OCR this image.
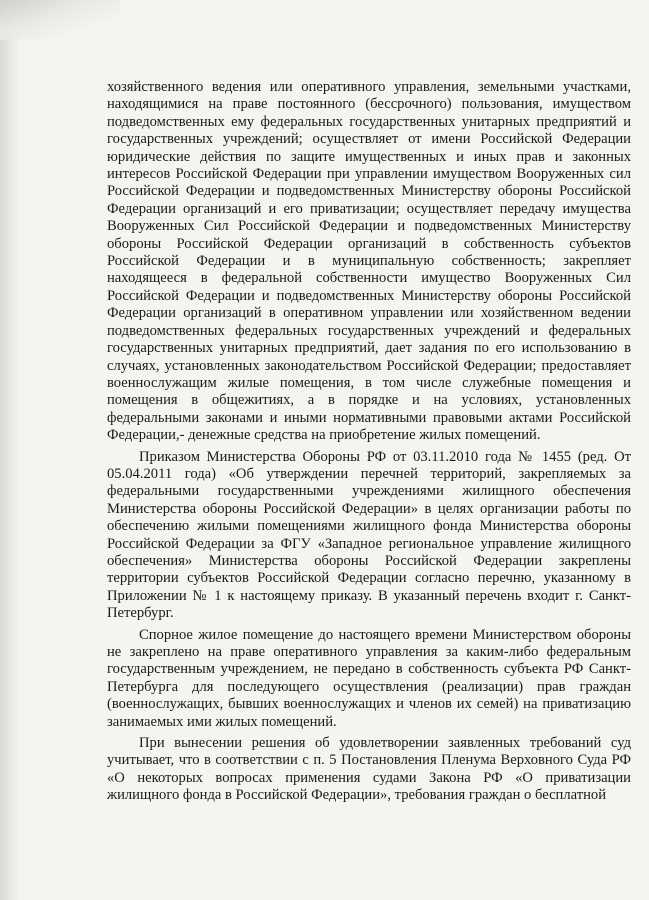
хозяйственного ведения или оперативного управления, земельными участками, находящимися на праве постоянного (бессрочного) пользования, имуществом подведомственных ему федеральных государственных унитарных предприятий и государственных учреждений; осуществляет от имени Российской Федерации юридические действия по защите имущественных и иных прав и законных интересов Российской Федерации при управлении имуществом Вооруженных сил Российской Федерации и подведомственных Министерству обороны Российской Федерации организаций и его приватизации; осуществляет передачу имущества Вооруженных Сил Российской Федерации и подведомственных Министерству обороны Российской Федерации организаций в собственность субъектов Российской Федерации и в муниципальную собственность; закрепляет находящееся в федеральной собственности имущество Вооруженных Сил Российской Федерации и подведомственных Министерству обороны Российской Федерации организаций в оперативном управлении или хозяйственном ведении подведомственных федеральных государственных учреждений и федеральных государственных унитарных предприятий, дает задания по его использованию в случаях, установленных законодательством Российской Федерации; предоставляет военнослужащим жилые помещения, в том числе служебные помещения и помещения в общежитиях, а в порядке и на условиях, установленных федеральными законами и иными нормативными правовыми актами Российской Федерации,- денежные средства на приобретение жилых помещений.

Приказом Министерства Обороны РФ от 03.11.2010 года № 1455 (ред. От 05.04.2011 года) «Об утверждении перечней территорий, закрепляемых за федеральными государственными учреждениями жилищного обеспечения Министерства обороны Российской Федерации» в целях организации работы по обеспечению жилыми помещениями жилищного фонда Министерства обороны Российской Федерации за ФГУ «Западное региональное управление жилищного обеспечения» Министерства обороны Российской Федерации закреплены территории субъектов Российской Федерации согласно перечню, указанному в Приложении № 1 к настоящему приказу. В указанный перечень входит г. Санкт-Петербург.

Спорное жилое помещение до настоящего времени Министерством обороны не закреплено на праве оперативного управления за каким-либо федеральным государственным учреждением, не передано в собственность субъекта РФ Санкт-Петербурга для последующего осуществления (реализации) прав граждан (военнослужащих, бывших военнослужащих и членов их семей) на приватизацию занимаемых ими жилых помещений.

При вынесении решения об удовлетворении заявленных требований суд учитывает, что в соответствии с п. 5 Постановления Пленума Верховного Суда РФ «О некоторых вопросах применения судами Закона РФ «О приватизации жилищного фонда в Российской Федерации», требования граждан о бесплатной
